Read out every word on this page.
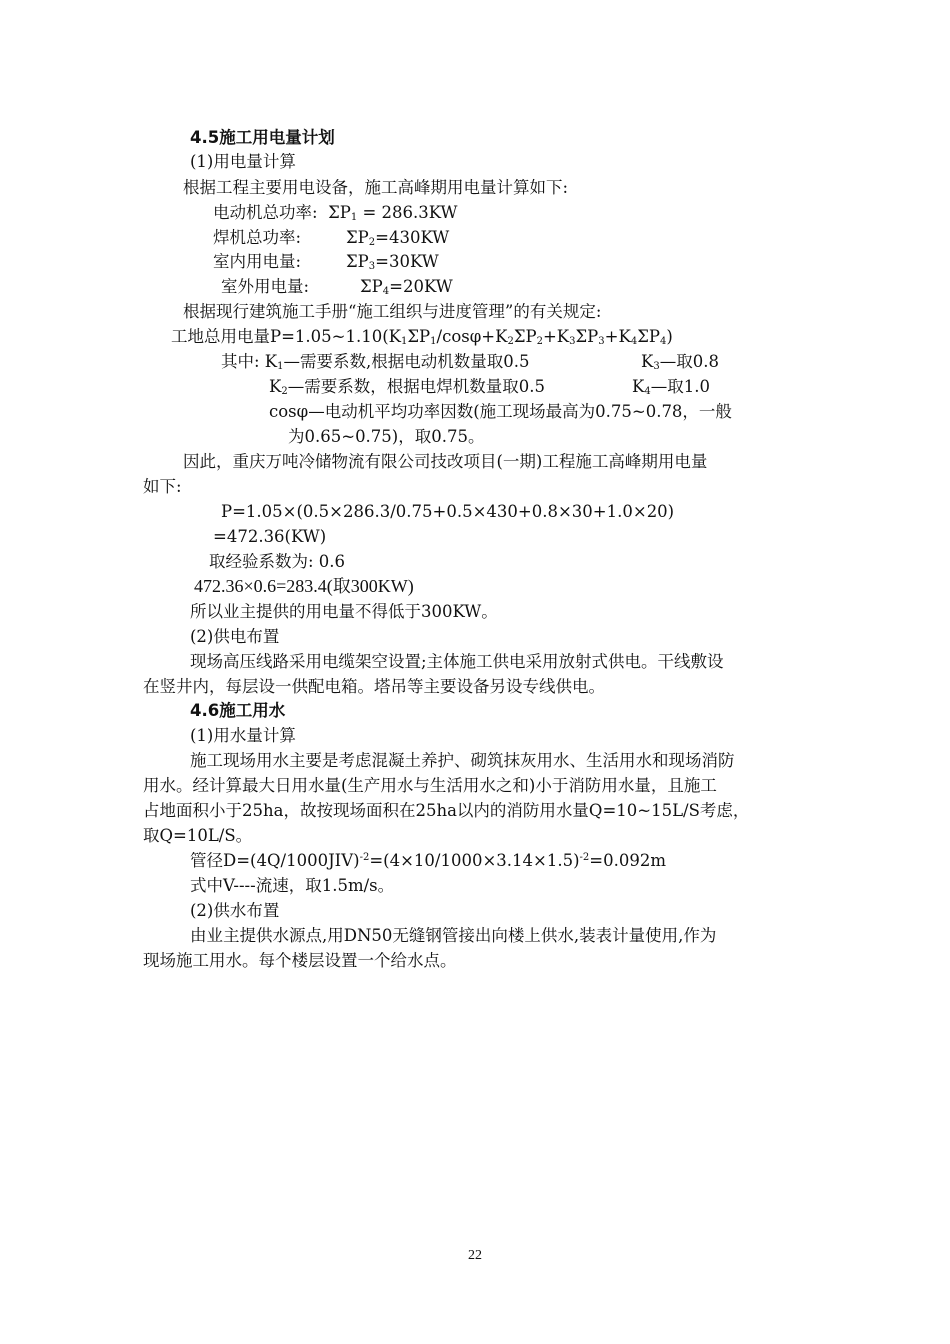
4.5施工用电量计划
(1)用电量计算
根据工程主要用电设备，施工高峰期用电量计算如下:
电动机总功率: $\Sigma P_1 = 286.3KW$
焊机总功率:	$\Sigma P_2=430KW$
室内用电量:	$\Sigma P_3=30KW$
室外用电量:	$\Sigma P_4=20KW$
根据现行建筑施工手册“施工组织与进度管理”的有关规定:
工地总用电量$P=1.05\sim 1.10(K_1\Sigma P_1/\cos\varphi+K_2\Sigma P_2+K_3\Sigma P_3+K_4\Sigma P_4)$
其中: $K_1—$需要系数,根据电动机数量取0.5	$K_3—$取0.8
$K_2—$需要系数，根据电焊机数量取0.5	$K_4—$取1.0
cosφ—电动机平均功率因数(施工现场最高为0.75~0.78，一般
为0.65~0.75)，取0.75。
因此，重庆万吨冷储物流有限公司技改项目(一期)工程施工高峰期用电量
如下:
P=1.05×(0.5×286.3/0.75+0.5×430+0.8×30+1.0×20)
=472.36(KW)
取经验系数为: 0.6
472.36×0.6=283.4(取300KW)
所以业主提供的用电量不得低于300KW。
(2)供电布置
现场高压线路采用电缆架空设置;主体施工供电采用放射式供电。干线敷设
在竖井内，每层设一供配电箱。塔吊等主要设备另设专线供电。
4.6施工用水
(1)用水量计算
施工现场用水主要是考虑混凝土养护、砌筑抹灰用水、生活用水和现场消防
用水。经计算最大日用水量(生产用水与生活用水之和)小于消防用水量，且施工
占地面积小于25ha，故按现场面积在25ha以内的消防用水量Q=10~15L/S考虑，
取Q=10L/S。
管径$D=(4Q/1000JIV)^{-2}=(4\times 10/1000\times 3.14\times 1.5)^{-2}=0.092m$
式中V----流速，取1.5m/s。
(2)供水布置
由业主提供水源点,用DN50无缝钢管接出向楼上供水,装表计量使用,作为
现场施工用水。每个楼层设置一个给水点。
22
